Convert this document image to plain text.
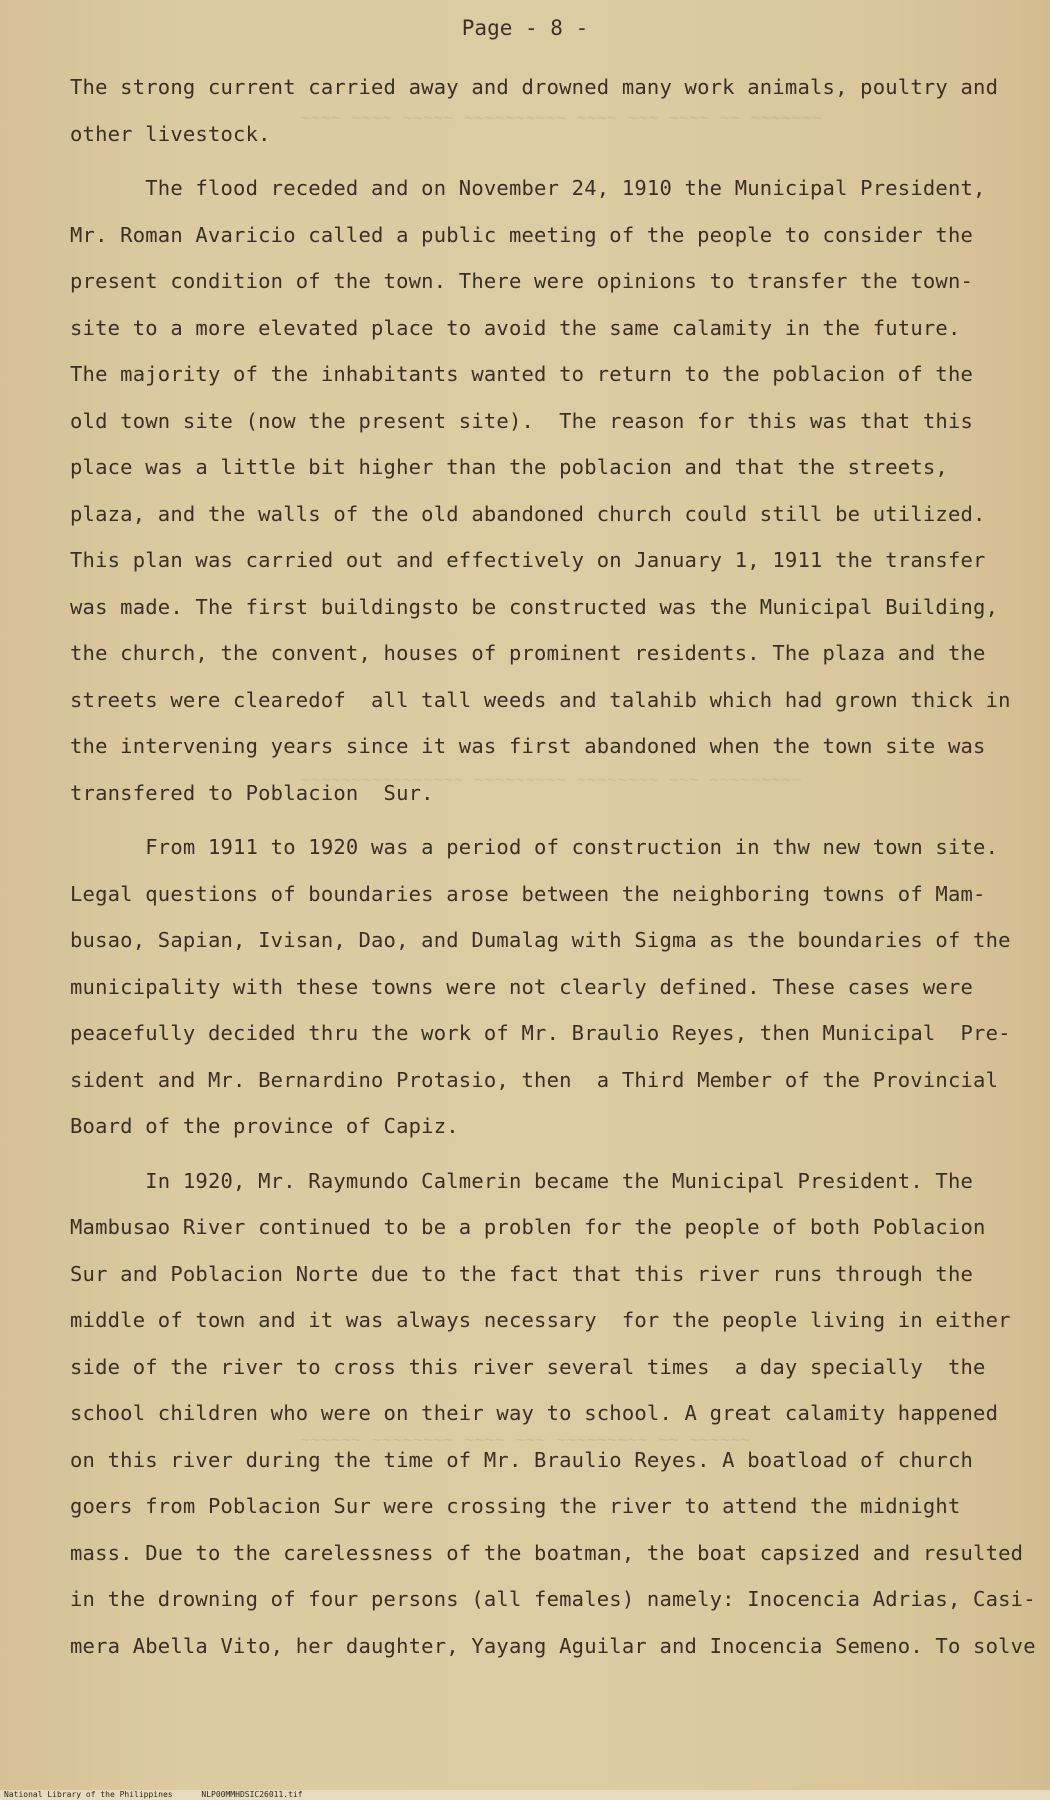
~~~~ ~~~~ ~~~~~ ~~~~~~~~~~ ~~~~ ~~~ ~~~~ ~~ ~~~~~~~
~~~~~~~~~~~~~~~~ ~~~~~~~~~ ~~~~~~~~ ~~~ ~~~~~~~~~
~~~~~~ ~~~~~~~~ ~~~~ ~~~ ~~~~~~~~~ ~~ ~~~~~~
Page - 8 -
The strong current carried away and drowned many work animals, poultry and
other livestock.
The flood receded and on November 24, 1910 the Municipal President,
Mr. Roman Avaricio called a public meeting of the people to consider the
present condition of the town. There were opinions to transfer the town-
site to a more elevated place to avoid the same calamity in the future.
The majority of the inhabitants wanted to return to the poblacion of the
old town site (now the present site).  The reason for this was that this
place was a little bit higher than the poblacion and that the streets,
plaza, and the walls of the old abandoned church could still be utilized.
This plan was carried out and effectively on January 1, 1911 the transfer
was made. The first buildingsto be constructed was the Municipal Building,
the church, the convent, houses of prominent residents. The plaza and the
streets were clearedof  all tall weeds and talahib which had grown thick in
the intervening years since it was first abandoned when the town site was
transfered to Poblacion  Sur.
From 1911 to 1920 was a period of construction in thw new town site.
Legal questions of boundaries arose between the neighboring towns of Mam-
busao, Sapian, Ivisan, Dao, and Dumalag with Sigma as the boundaries of the
municipality with these towns were not clearly defined. These cases were
peacefully decided thru the work of Mr. Braulio Reyes, then Municipal  Pre-
sident and Mr. Bernardino Protasio, then  a Third Member of the Provincial
Board of the province of Capiz.
In 1920, Mr. Raymundo Calmerin became the Municipal President. The
Mambusao River continued to be a problen for the people of both Poblacion
Sur and Poblacion Norte due to the fact that this river runs through the
middle of town and it was always necessary  for the people living in either
side of the river to cross this river several times  a day specially  the
school children who were on their way to school. A great calamity happened
on this river during the time of Mr. Braulio Reyes. A boatload of church
goers from Poblacion Sur were crossing the river to attend the midnight
mass. Due to the carelessness of the boatman, the boat capsized and resulted
in the drowning of four persons (all females) namely: Inocencia Adrias, Casi-
mera Abella Vito, her daughter, Yayang Aguilar and Inocencia Semeno. To solve
National Library of the Philippines	NLP00MMHDSIC26011.tif
